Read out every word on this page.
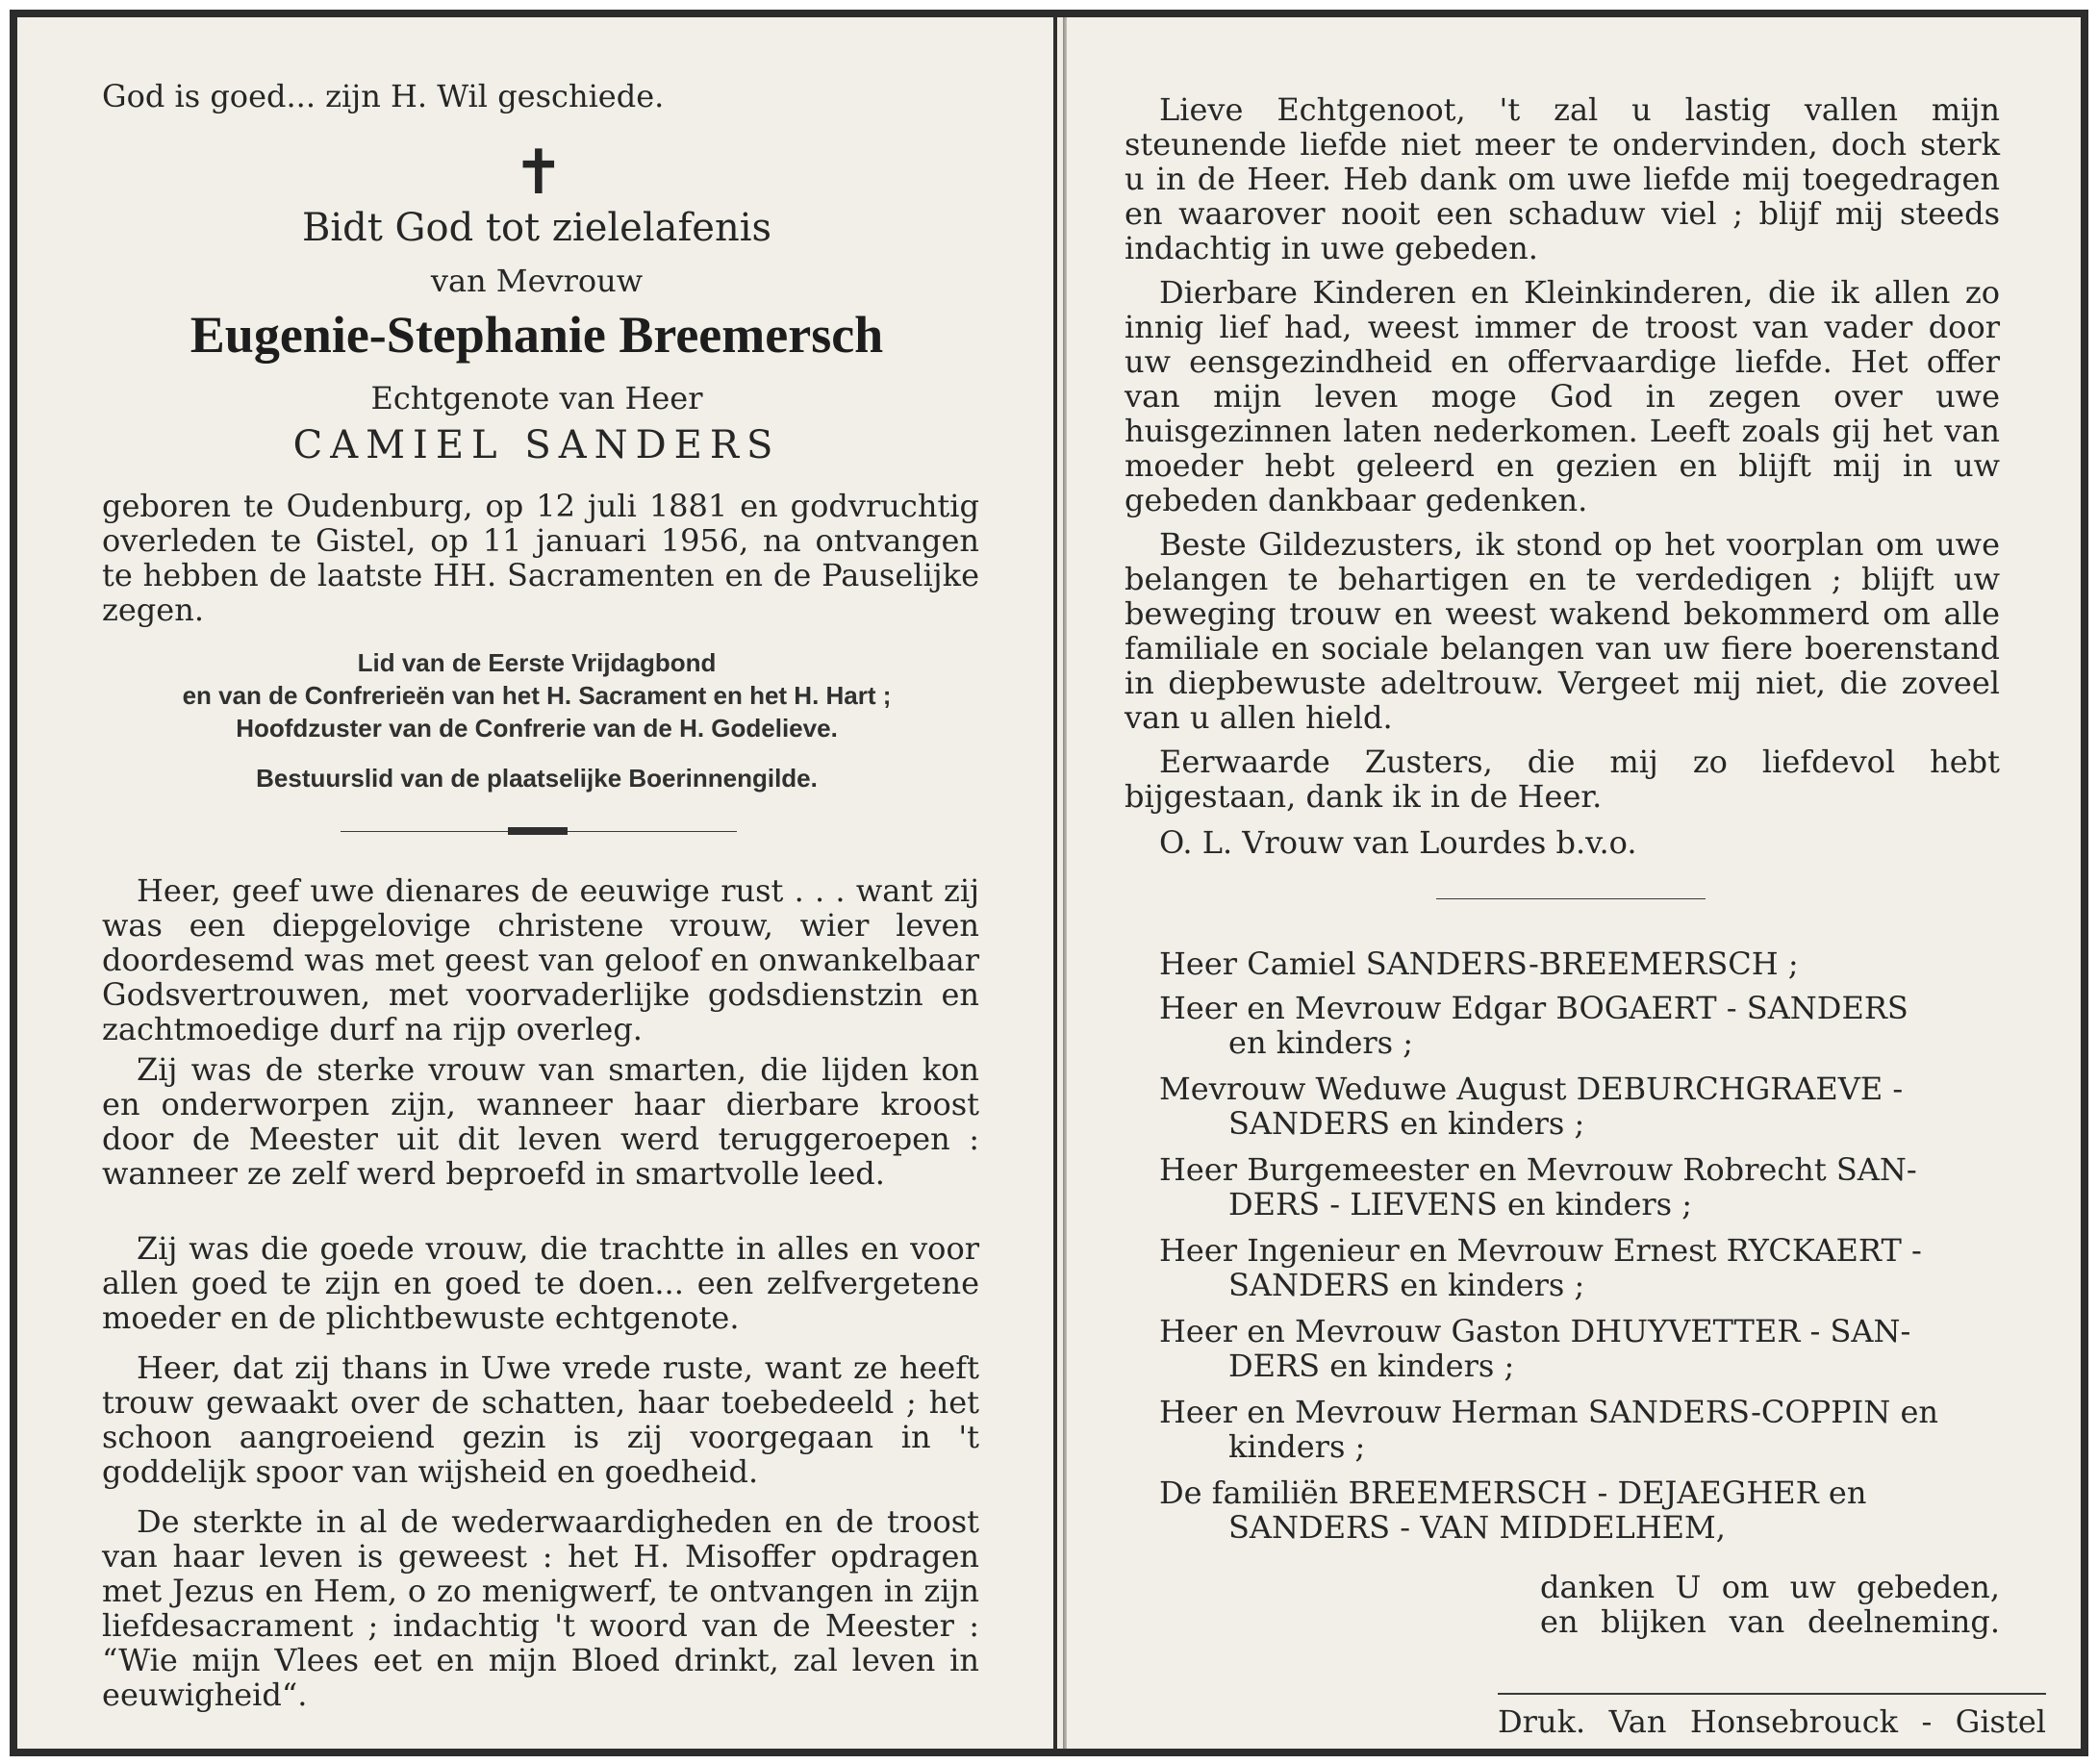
God is goed... zijn H. Wil geschiede.

✝

Bidt God tot zielelafenis

van Mevrouw

Eugenie-Stephanie Breemersch

Echtgenote van Heer

CAMIEL SANDERS

geboren te Oudenburg, op 12 juli 1881 en godvruchtig overleden te Gistel, op 11 januari 1956, na ontvangen te hebben de laatste HH. Sacramenten en de Pauselijke zegen.

Lid van de Eerste Vrijdagbond

en van de Confrerieën van het H. Sacrament en het H. Hart ;

Hoofdzuster van de Confrerie van de H. Godelieve.

Bestuurslid van de plaatselijke Boerinnengilde.

Heer, geef uwe dienares de eeuwige rust . . . want zij was een diepgelovige christene vrouw, wier leven doordesemd was met geest van geloof en onwankelbaar Godsvertrouwen, met voorvaderlijke godsdienstzin en zachtmoedige durf na rijp overleg.

Zij was de sterke vrouw van smarten, die lijden kon en onderworpen zijn, wanneer haar dierbare kroost door de Meester uit dit leven werd teruggeroepen : wanneer ze zelf werd beproefd in smartvolle leed.

Zij was die goede vrouw, die trachtte in alles en voor allen goed te zijn en goed te doen... een zelfvergetene moeder en de plichtbewuste echtgenote.

Heer, dat zij thans in Uwe vrede ruste, want ze heeft trouw gewaakt over de schatten, haar toebedeeld ; het schoon aangroeiend gezin is zij voorgegaan in 't goddelijk spoor van wijsheid en goedheid.

De sterkte in al de wederwaardigheden en de troost van haar leven is geweest : het H. Misoffer opdragen met Jezus en Hem, o zo menigwerf, te ontvangen in zijn liefdesacrament ; indachtig 't woord van de Meester : “Wie mijn Vlees eet en mijn Bloed drinkt, zal leven in eeuwigheid“.

Lieve Echtgenoot, 't zal u lastig vallen mijn steunende liefde niet meer te ondervinden, doch sterk u in de Heer. Heb dank om uwe liefde mij toegedragen en waarover nooit een schaduw viel ; blijf mij steeds indachtig in uwe gebeden.

Dierbare Kinderen en Kleinkinderen, die ik allen zo innig lief had, weest immer de troost van vader door uw eensgezindheid en offervaardige liefde. Het offer van mijn leven moge God in zegen over uwe huisgezinnen laten nederkomen. Leeft zoals gij het van moeder hebt geleerd en gezien en blijft mij in uw gebeden dankbaar gedenken.

Beste Gildezusters, ik stond op het voorplan om uwe belangen te behartigen en te verdedigen ; blijft uw beweging trouw en weest wakend bekommerd om alle familiale en sociale belangen van uw fiere boerenstand in diepbewuste adeltrouw. Vergeet mij niet, die zoveel van u allen hield.

Eerwaarde Zusters, die mij zo liefdevol hebt bijgestaan, dank ik in de Heer.

O. L. Vrouw van Lourdes b.v.o.

Heer Camiel SANDERS-BREEMERSCH ;

Heer en Mevrouw Edgar BOGAERT - SANDERS
en kinders ;

Mevrouw Weduwe August DEBURCHGRAEVE -
SANDERS en kinders ;

Heer Burgemeester en Mevrouw Robrecht SAN-
DERS - LIEVENS en kinders ;

Heer Ingenieur en Mevrouw Ernest RYCKAERT -
SANDERS en kinders ;

Heer en Mevrouw Gaston DHUYVETTER - SAN-
DERS en kinders ;

Heer en Mevrouw Herman SANDERS-COPPIN en
kinders ;

De familiën BREEMERSCH - DEJAEGHER en
SANDERS - VAN MIDDELHEM,

danken U om uw gebeden,

en blijken van deelneming.

Druk. Van Honsebrouck - Gistel
